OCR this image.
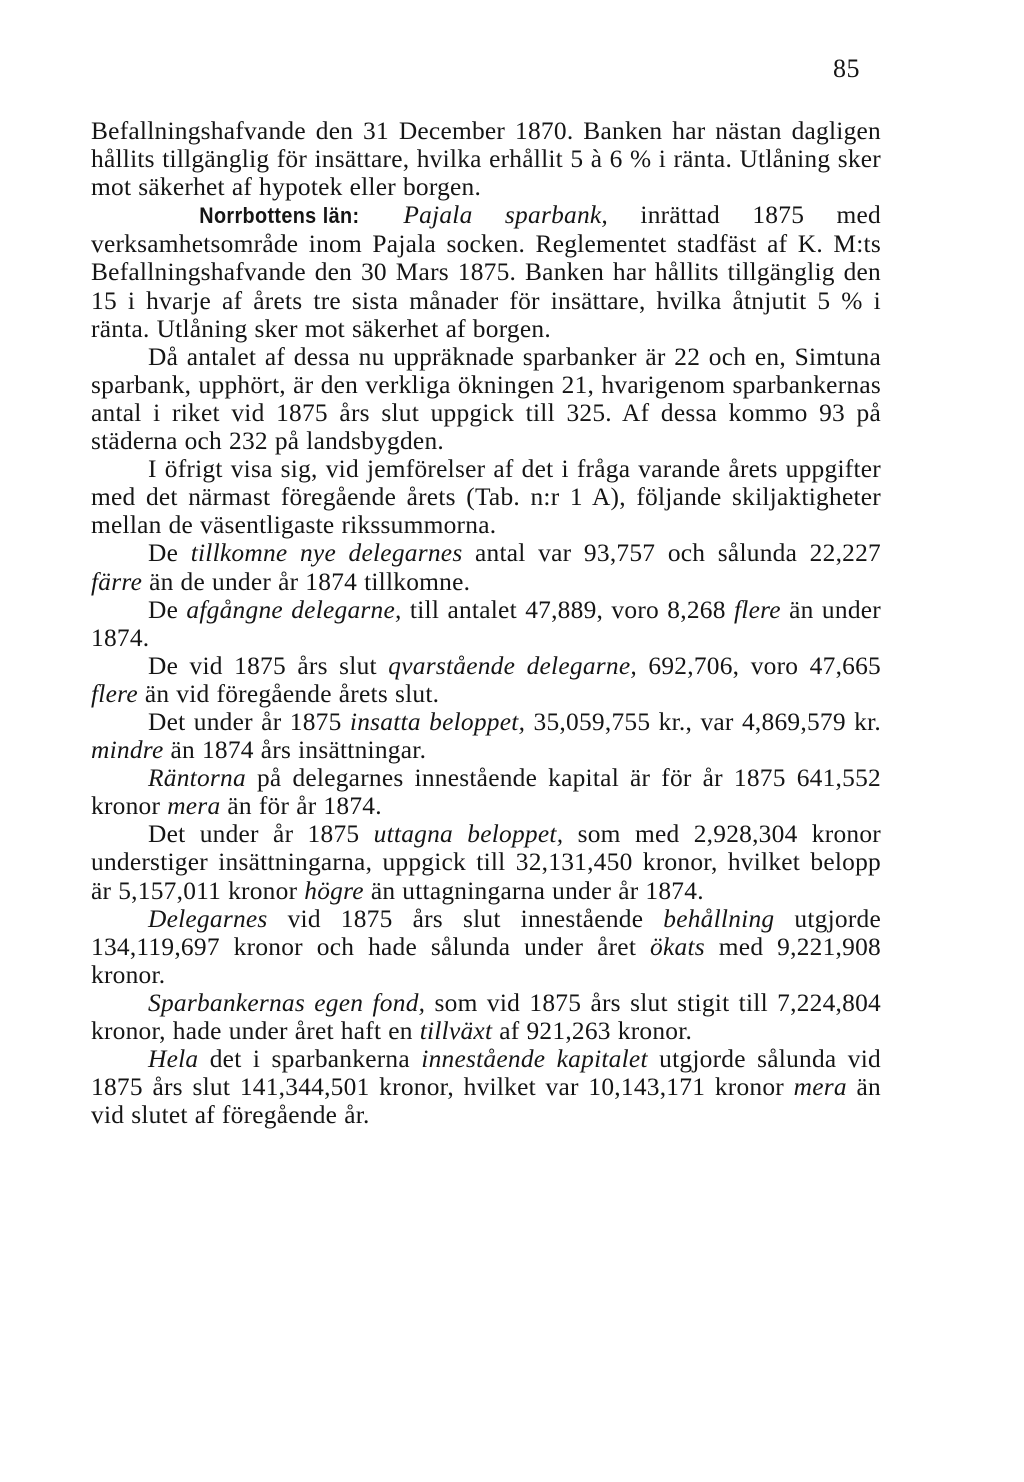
85

Befallningshafvande den 31 December 1870. Banken har nästan dagligen hållits tillgänglig för insättare, hvilka erhållit 5 à 6 % i ränta. Utlåning sker mot säkerhet af hypotek eller borgen.

Norrbottens län: Pajala sparbank, inrättad 1875 med verksamhetsområde inom Pajala socken. Reglementet stadfäst af K. M:ts Befallningshafvande den 30 Mars 1875. Banken har hållits tillgänglig den 15 i hvarje af årets tre sista månader för insättare, hvilka åtnjutit 5 % i ränta. Utlåning sker mot säkerhet af borgen.

Då antalet af dessa nu uppräknade sparbanker är 22 och en, Simtuna sparbank, upphört, är den verkliga ökningen 21, hvarigenom sparbankernas antal i riket vid 1875 års slut uppgick till 325. Af dessa kommo 93 på städerna och 232 på landsbygden.

I öfrigt visa sig, vid jemförelser af det i fråga varande årets uppgifter med det närmast föregående årets (Tab. n:r 1 A), följande skiljaktigheter mellan de väsentligaste rikssummorna.

De tillkomne nye delegarnes antal var 93,757 och sålunda 22,227 färre än de under år 1874 tillkomne.

De afgångne delegarne, till antalet 47,889, voro 8,268 flere än under 1874.

De vid 1875 års slut qvarstående delegarne, 692,706, voro 47,665 flere än vid föregående årets slut.

Det under år 1875 insatta beloppet, 35,059,755 kr., var 4,869,579 kr. mindre än 1874 års insättningar.

Räntorna på delegarnes innestående kapital är för år 1875 641,552 kronor mera än för år 1874.

Det under år 1875 uttagna beloppet, som med 2,928,304 kronor understiger insättningarna, uppgick till 32,131,450 kronor, hvilket belopp är 5,157,011 kronor högre än uttagningarna under år 1874.

Delegarnes vid 1875 års slut innestående behållning utgjorde 134,119,697 kronor och hade sålunda under året ökats med 9,221,908 kronor.

Sparbankernas egen fond, som vid 1875 års slut stigit till 7,224,804 kronor, hade under året haft en tillväxt af 921,263 kronor.

Hela det i sparbankerna innestående kapitalet utgjorde sålunda vid 1875 års slut 141,344,501 kronor, hvilket var 10,143,171 kronor mera än vid slutet af föregående år.
